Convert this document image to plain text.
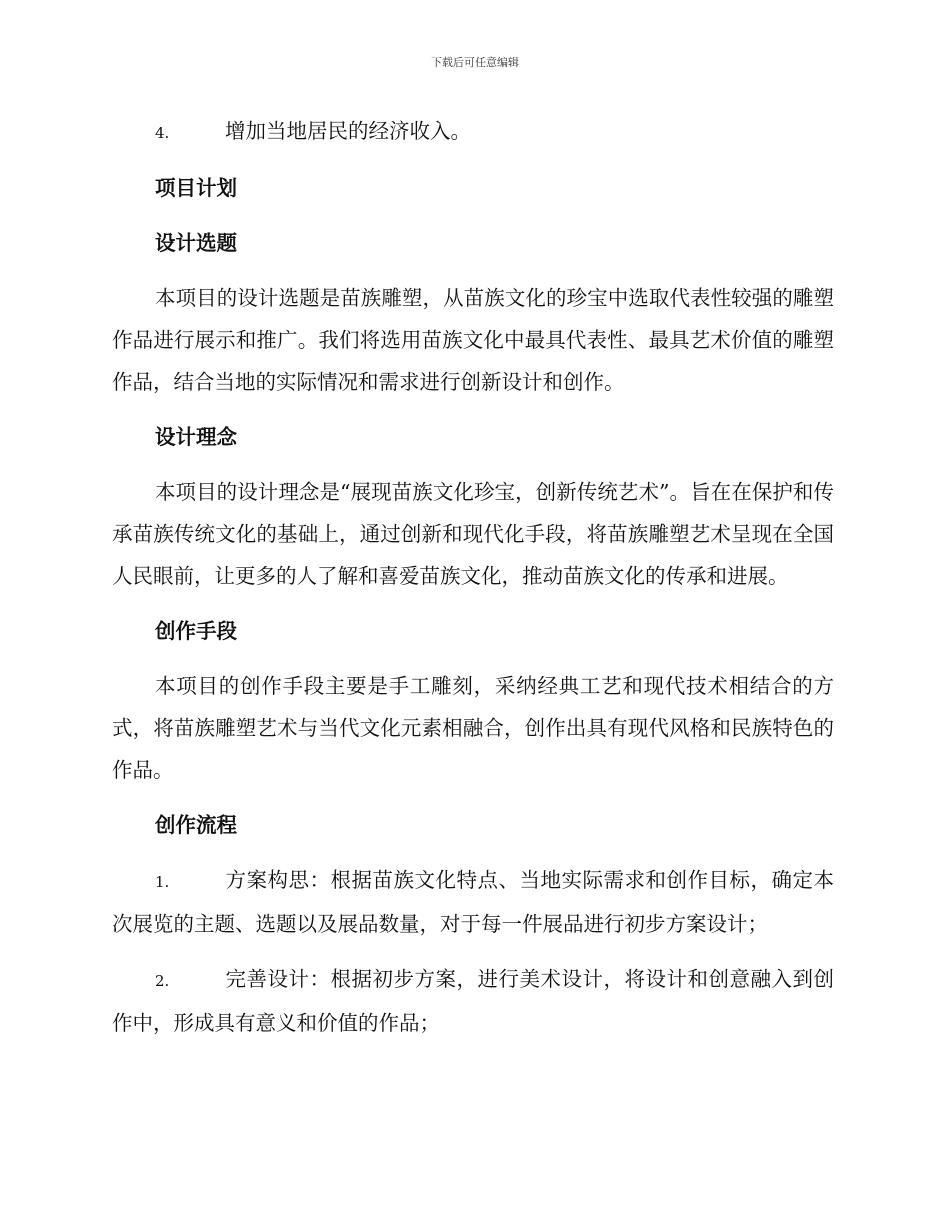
下载后可任意编辑

4.	增加当地居民的经济收入。

项目计划

设计选题

本项目的设计选题是苗族雕塑，从苗族文化的珍宝中选取代表性较强的雕塑作品进行展示和推广。我们将选用苗族文化中最具代表性、最具艺术价值的雕塑作品，结合当地的实际情况和需求进行创新设计和创作。

设计理念

本项目的设计理念是“展现苗族文化珍宝，创新传统艺术”。旨在在保护和传承苗族传统文化的基础上，通过创新和现代化手段，将苗族雕塑艺术呈现在全国人民眼前，让更多的人了解和喜爱苗族文化，推动苗族文化的传承和进展。

创作手段

本项目的创作手段主要是手工雕刻，采纳经典工艺和现代技术相结合的方式，将苗族雕塑艺术与当代文化元素相融合，创作出具有现代风格和民族特色的作品。

创作流程

1.	方案构思：根据苗族文化特点、当地实际需求和创作目标，确定本次展览的主题、选题以及展品数量，对于每一件展品进行初步方案设计；

2.	完善设计：根据初步方案，进行美术设计，将设计和创意融入到创作中，形成具有意义和价值的作品；
